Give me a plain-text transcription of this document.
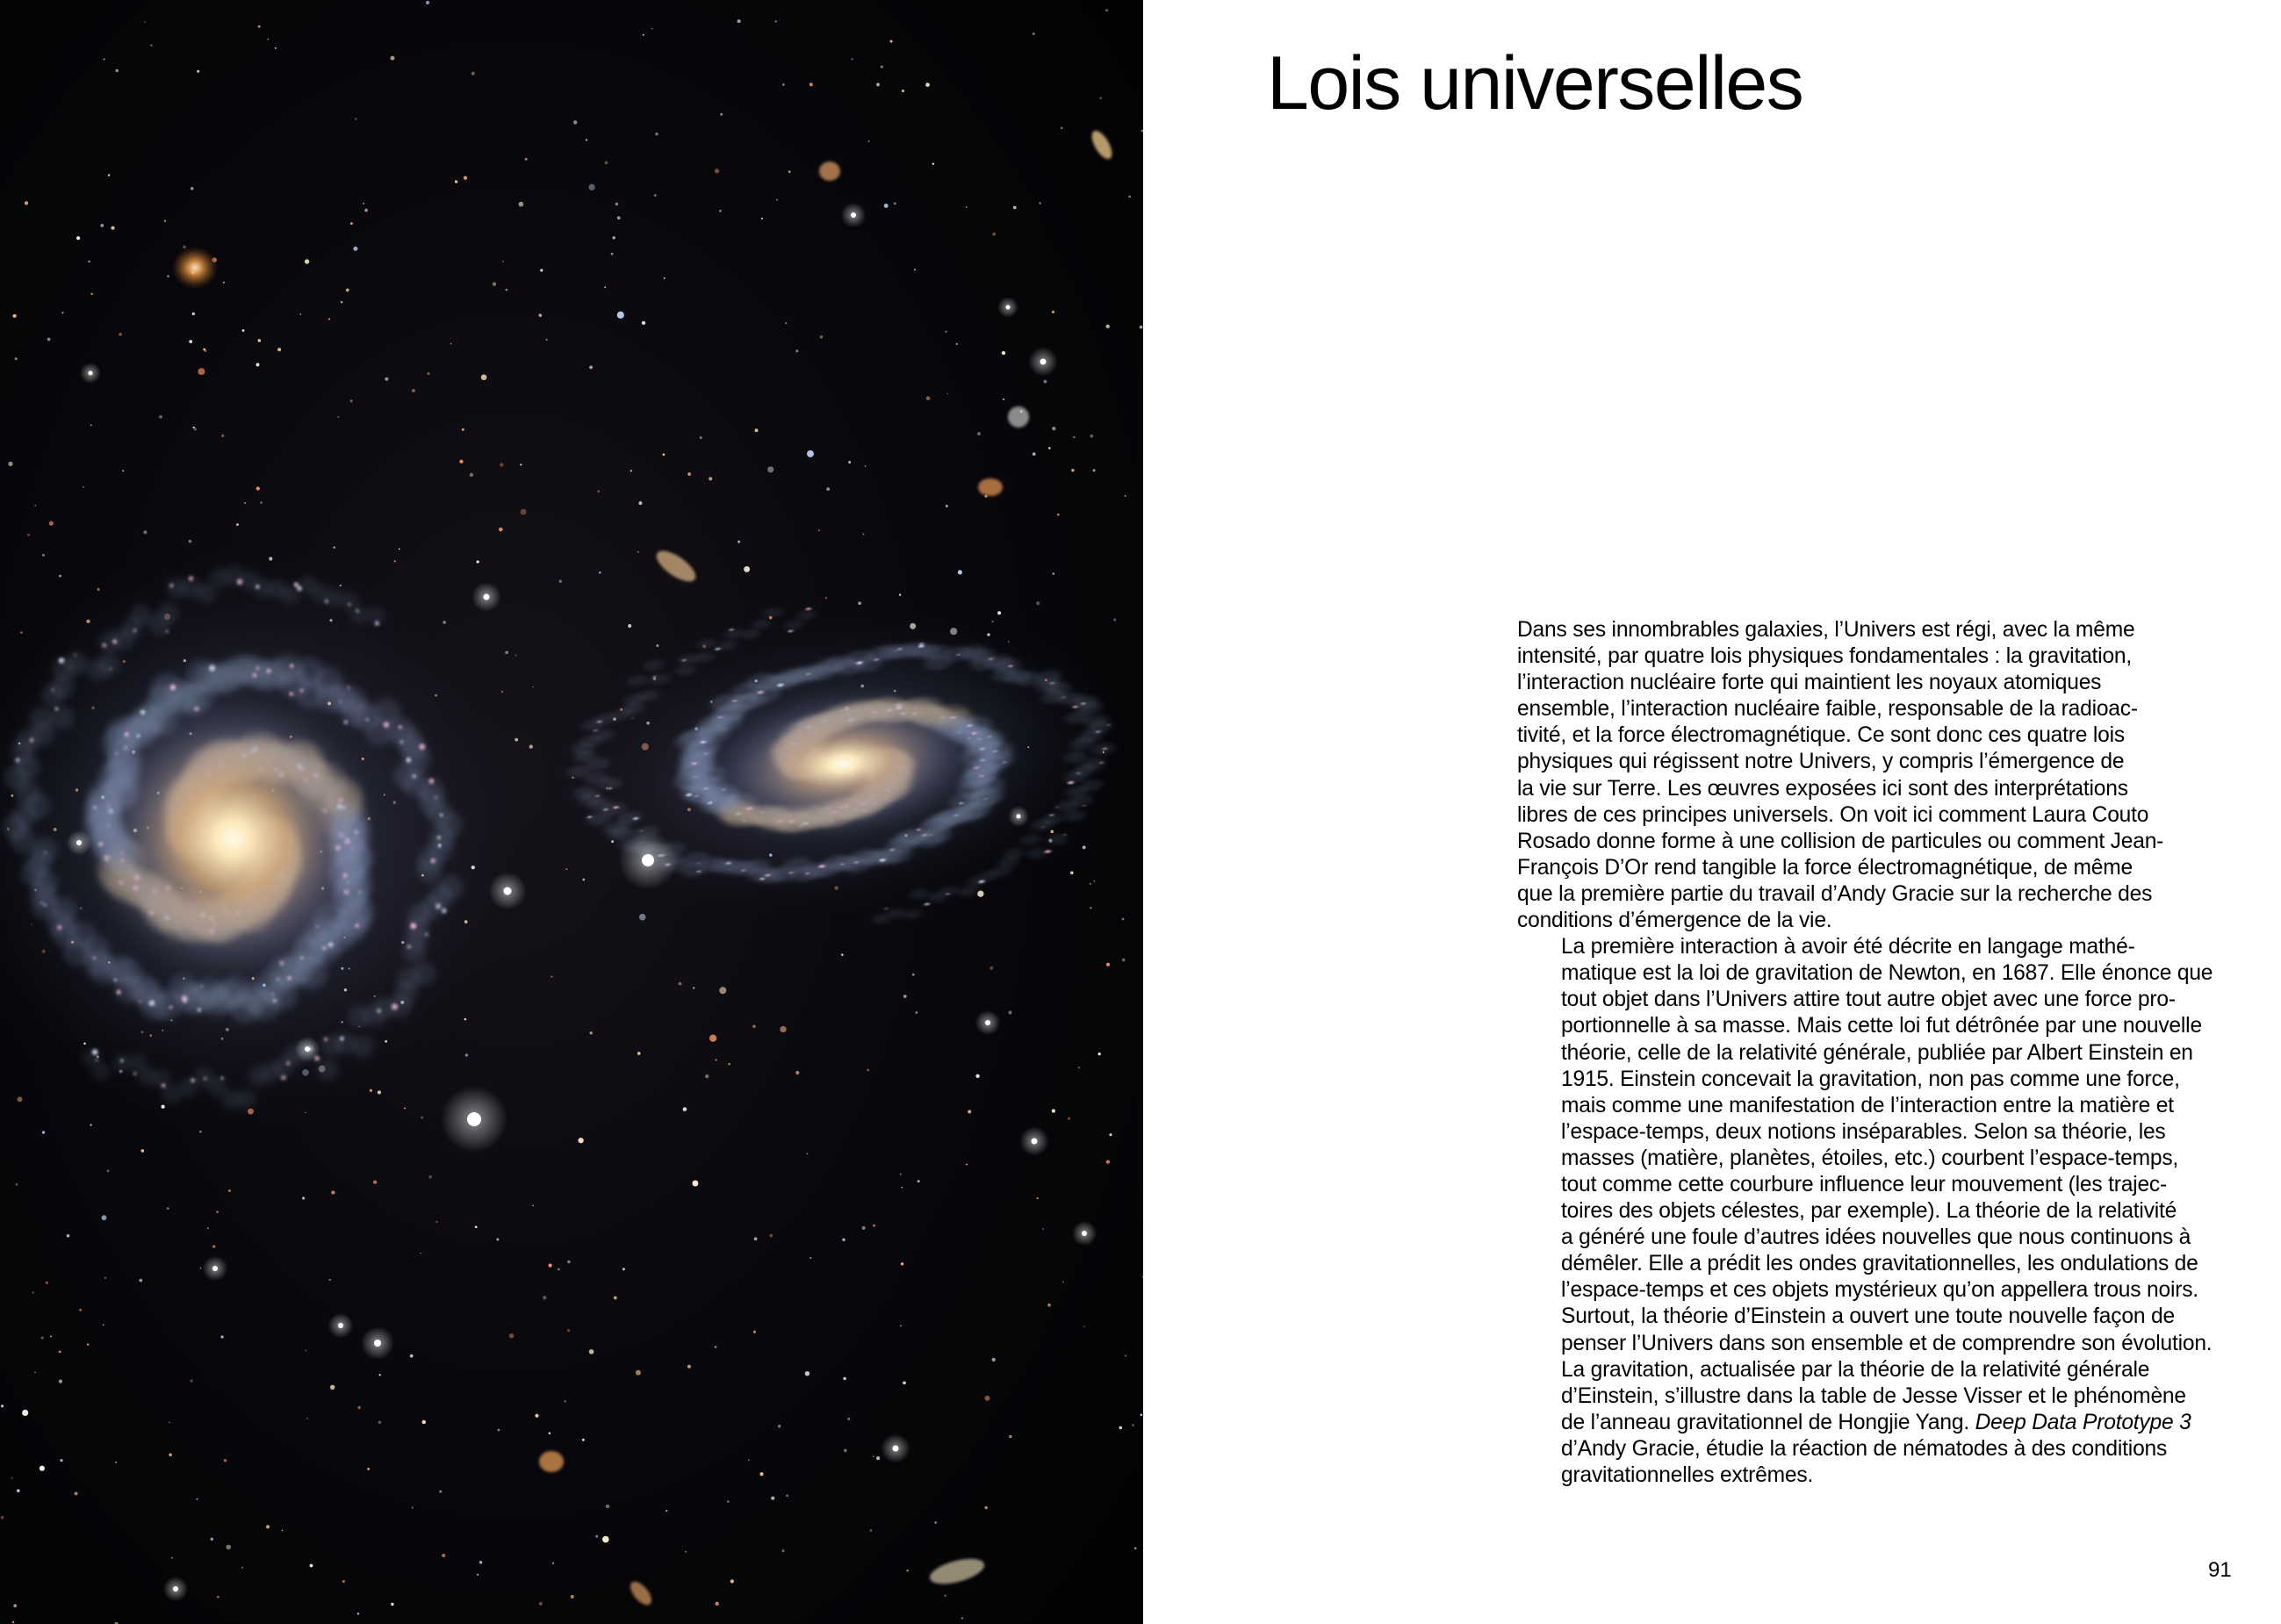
Lois universelles

Dans ses innombrables galaxies, l’Univers est régi, avec la même
intensité, par quatre lois physiques fondamentales : la gravitation,
l’interaction nucléaire forte qui maintient les noyaux atomiques
ensemble, l’interaction nucléaire faible, responsable de la radioac-
tivité, et la force électromagnétique. Ce sont donc ces quatre lois
physiques qui régissent notre Univers, y compris l’émergence de
la vie sur Terre. Les œuvres exposées ici sont des interprétations
libres de ces principes universels. On voit ici comment Laura Couto
Rosado donne forme à une collision de particules ou comment Jean-
François D’Or rend tangible la force électromagnétique, de même
que la première partie du travail d’Andy Gracie sur la recherche des
conditions d’émergence de la vie.

La première interaction à avoir été décrite en langage mathé-
matique est la loi de gravitation de Newton, en 1687. Elle énonce que
tout objet dans l’Univers attire tout autre objet avec une force pro-
portionnelle à sa masse. Mais cette loi fut détrônée par une nouvelle
théorie, celle de la relativité générale, publiée par Albert Einstein en
1915. Einstein concevait la gravitation, non pas comme une force,
mais comme une manifestation de l’interaction entre la matière et
l’espace-temps, deux notions inséparables. Selon sa théorie, les
masses (matière, planètes, étoiles, etc.) courbent l’espace-temps,
tout comme cette courbure influence leur mouvement (les trajec-
toires des objets célestes, par exemple). La théorie de la relativité
a généré une foule d’autres idées nouvelles que nous continuons à
démêler. Elle a prédit les ondes gravitationnelles, les ondulations de
l’espace-temps et ces objets mystérieux qu’on appellera trous noirs.
Surtout, la théorie d’Einstein a ouvert une toute nouvelle façon de
penser l’Univers dans son ensemble et de comprendre son évolution.
La gravitation, actualisée par la théorie de la relativité générale
d’Einstein, s’illustre dans la table de Jesse Visser et le phénomène
de l’anneau gravitationnel de Hongjie Yang. Deep Data Prototype 3
d’Andy Gracie, étudie la réaction de nématodes à des conditions
gravitationnelles extrêmes.

91
